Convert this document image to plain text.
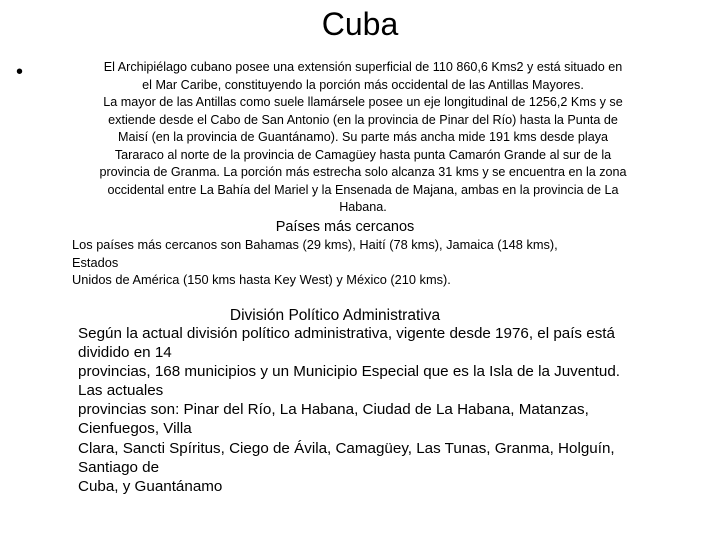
Cuba
•	El Archipiélago cubano posee una extensión superficial de 110 860,6 Kms2 y está situado en
el Mar Caribe, constituyendo la porción más occidental de las Antillas Mayores.
La mayor de las Antillas como suele llamársele posee un eje longitudinal de 1256,2 Kms y se
extiende desde el Cabo de San Antonio (en la provincia de Pinar del Río) hasta la Punta de
Maisí (en la provincia de Guantánamo). Su parte más ancha mide 191 kms desde playa
Tararaco al norte de la provincia de Camagüey hasta punta Camarón Grande al sur de la
provincia de Granma. La porción más estrecha solo alcanza 31 kms y se encuentra en la zona
occidental entre La Bahía del Mariel y la Ensenada de Majana, ambas en la provincia de La
Habana.

Países más cercanos

Los países más cercanos son Bahamas (29 kms), Haití (78 kms), Jamaica (148 kms),
Estados
Unidos de América (150 kms hasta Key West) y México (210 kms).

División Político Administrativa

Según la actual división político administrativa, vigente desde 1976, el país está
dividido en 14
provincias, 168 municipios y un Municipio Especial que es la Isla de la Juventud.
Las actuales
provincias son: Pinar del Río, La Habana, Ciudad de La Habana, Matanzas,
Cienfuegos, Villa
Clara, Sancti Spíritus, Ciego de Ávila, Camagüey, Las Tunas, Granma, Holguín,
Santiago de
Cuba, y Guantánamo
